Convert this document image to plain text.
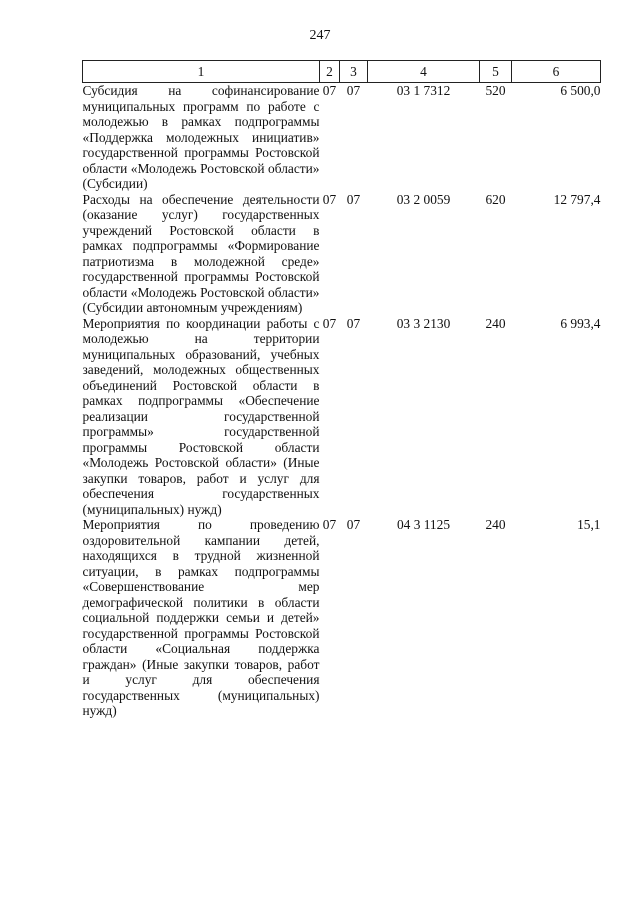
247
1	2	3	4	5	6
Субсидия на софинансирование муниципальных программ по работе с молодежью в рамках подпрограммы «Поддержка молодежных инициатив» государственной программы Ростовской области «Молодежь Ростовской области» (Субсидии)	07	07	03 1 7312	520	6 500,0
Расходы на обеспечение деятельности (оказание услуг) государственных учреждений Ростовской области в рамках подпрограммы «Формирование патриотизма в молодежной среде» государственной программы Ростовской области «Молодежь Ростовской области» (Субсидии автономным учреждениям)	07	07	03 2 0059	620	12 797,4
Мероприятия по координации работы с молодежью на территории муниципальных образований, учебных заведений, молодежных общественных объединений Ростовской области в рамках подпрограммы «Обеспечение реализации государственной программы» государственной программы Ростовской области «Молодежь Ростовской области» (Иные закупки товаров, работ и услуг для обеспечения государственных (муниципальных) нужд)	07	07	03 3 2130	240	6 993,4
Мероприятия по проведению оздоровительной кампании детей, находящихся в трудной жизненной ситуации, в рамках подпрограммы «Совершенствование мер демографической политики в области социальной поддержки семьи и детей» государственной программы Ростовской области «Социальная поддержка граждан» (Иные закупки товаров, работ и услуг для обеспечения государственных (муниципальных) нужд)	07	07	04 3 1125	240	15,1
